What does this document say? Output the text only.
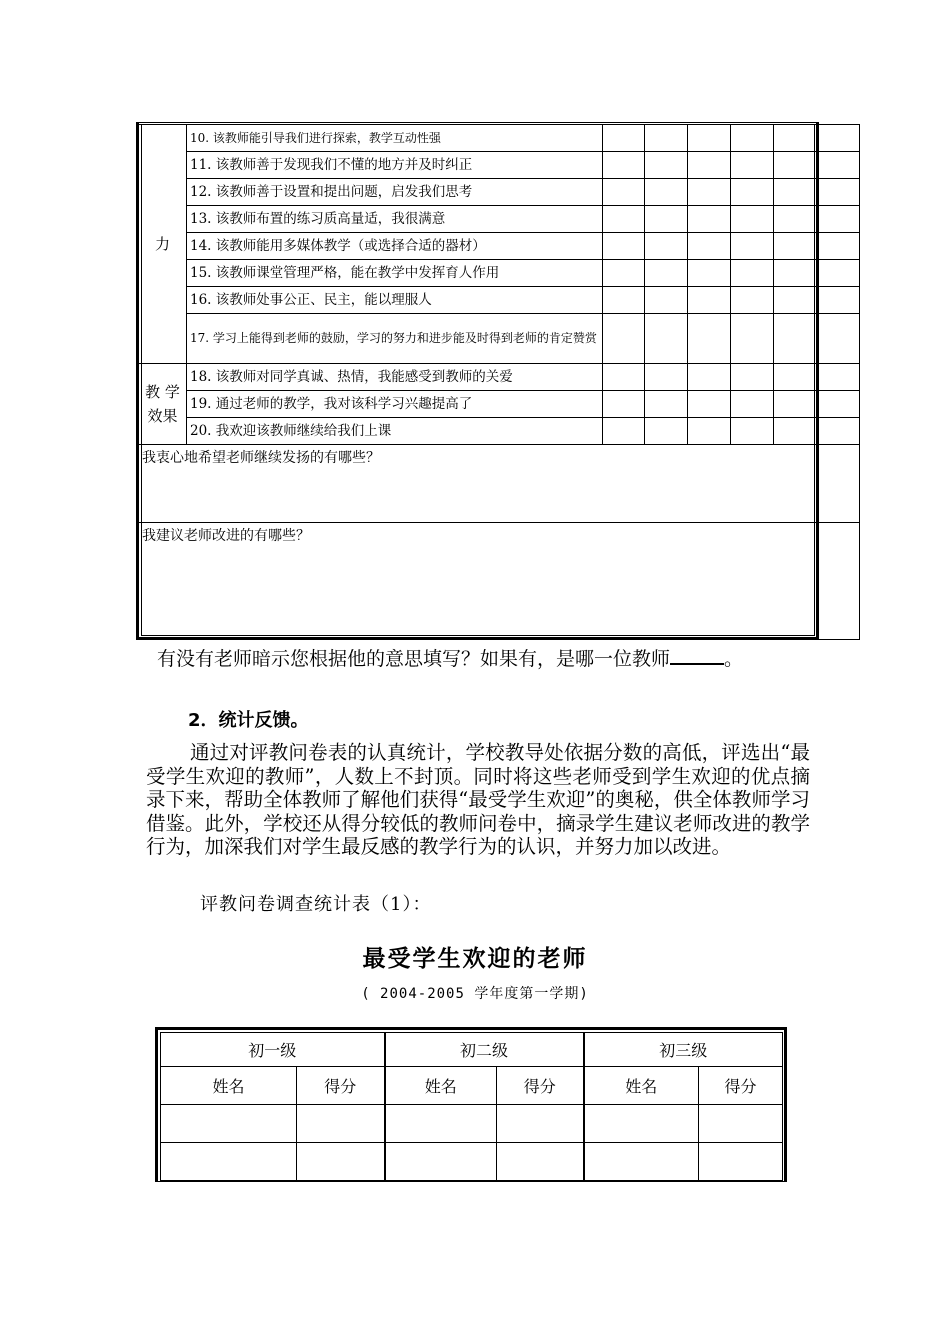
力	10. 该教师能引导我们进行探索，教学互动性强						
	11. 该教师善于发现我们不懂的地方并及时纠正						
	12. 该教师善于设置和提出问题，启发我们思考						
	13. 该教师布置的练习质高量适，我很满意						
	14. 该教师能用多媒体教学（或选择合适的器材）						
	15. 该教师课堂管理严格，能在教学中发挥育人作用						
	16. 该教师处事公正、民主，能以理服人						
	17. 学习上能得到老师的鼓励，学习的努力和进步能及时得到老师的肯定赞赏						

教 学
效果	18. 该教师对同学真诚、热情，我能感受到教师的关爱						
	19. 通过老师的教学，我对该科学习兴趣提高了						
	20. 我欢迎该教师继续给我们上课						
我衷心地希望老师继续发扬的有哪些？							
我建议老师改进的有哪些？							
有没有老师暗示您根据他的意思填写？如果有，是哪一位教师	。
2．统计反馈。
通过对评教问卷表的认真统计，学校教导处依据分数的高低，评选出“最受学生欢迎的教师”，人数上不封顶。同时将这些老师受到学生欢迎的优点摘录下来，帮助全体教师了解他们获得“最受学生欢迎”的奥秘，供全体教师学习借鉴。此外，学校还从得分较低的教师问卷中，摘录学生建议老师改进的教学行为，加深我们对学生最反感的教学行为的认识，并努力加以改进。
评教问卷调查统计表（1）：
最受学生欢迎的老师
( 2004-2005 学年度第一学期)
初一级		初二级		初三级	
姓名	得分	姓名	得分	姓名	得分
